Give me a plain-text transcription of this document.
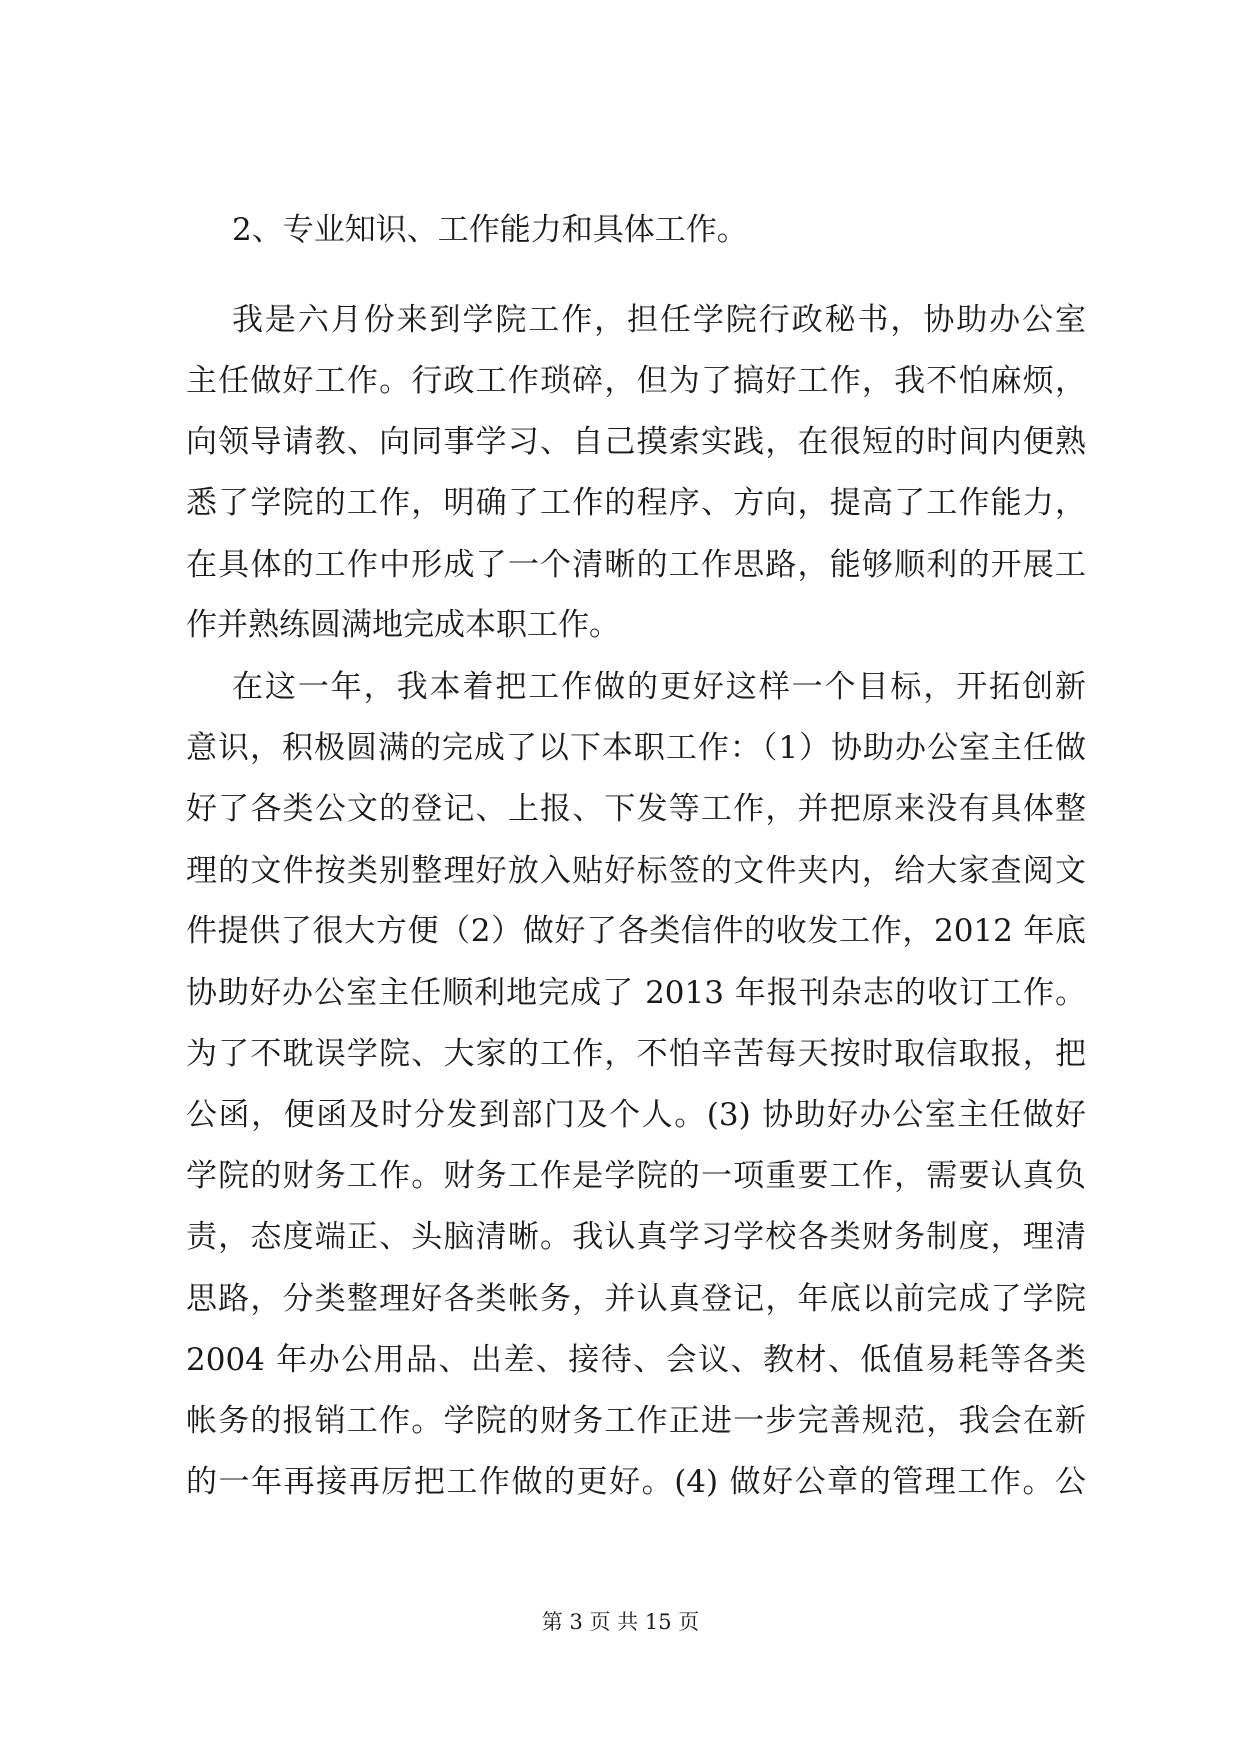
2、专业知识、工作能力和具体工作。
我是六月份来到学院工作，担任学院行政秘书，协助办公室
主任做好工作。行政工作琐碎，但为了搞好工作，我不怕麻烦，
向领导请教、向同事学习、自己摸索实践，在很短的时间内便熟
悉了学院的工作，明确了工作的程序、方向，提高了工作能力，
在具体的工作中形成了一个清晰的工作思路，能够顺利的开展工
作并熟练圆满地完成本职工作。
在这一年，我本着把工作做的更好这样一个目标，开拓创新
意识，积极圆满的完成了以下本职工作：（1）协助办公室主任做
好了各类公文的登记、上报、下发等工作，并把原来没有具体整
理的文件按类别整理好放入贴好标签的文件夹内，给大家查阅文
件提供了很大方便（2）做好了各类信件的收发工作，2012 年底
协助好办公室主任顺利地完成了 2013 年报刊杂志的收订工作。
为了不耽误学院、大家的工作，不怕辛苦每天按时取信取报，把
公函，便函及时分发到部门及个人。(3) 协助好办公室主任做好
学院的财务工作。财务工作是学院的一项重要工作，需要认真负
责，态度端正、头脑清晰。我认真学习学校各类财务制度，理清
思路，分类整理好各类帐务，并认真登记，年底以前完成了学院
2004 年办公用品、出差、接待、会议、教材、低值易耗等各类
帐务的报销工作。学院的财务工作正进一步完善规范，我会在新
的一年再接再厉把工作做的更好。(4) 做好公章的管理工作。公
第 3 页 共 15 页
